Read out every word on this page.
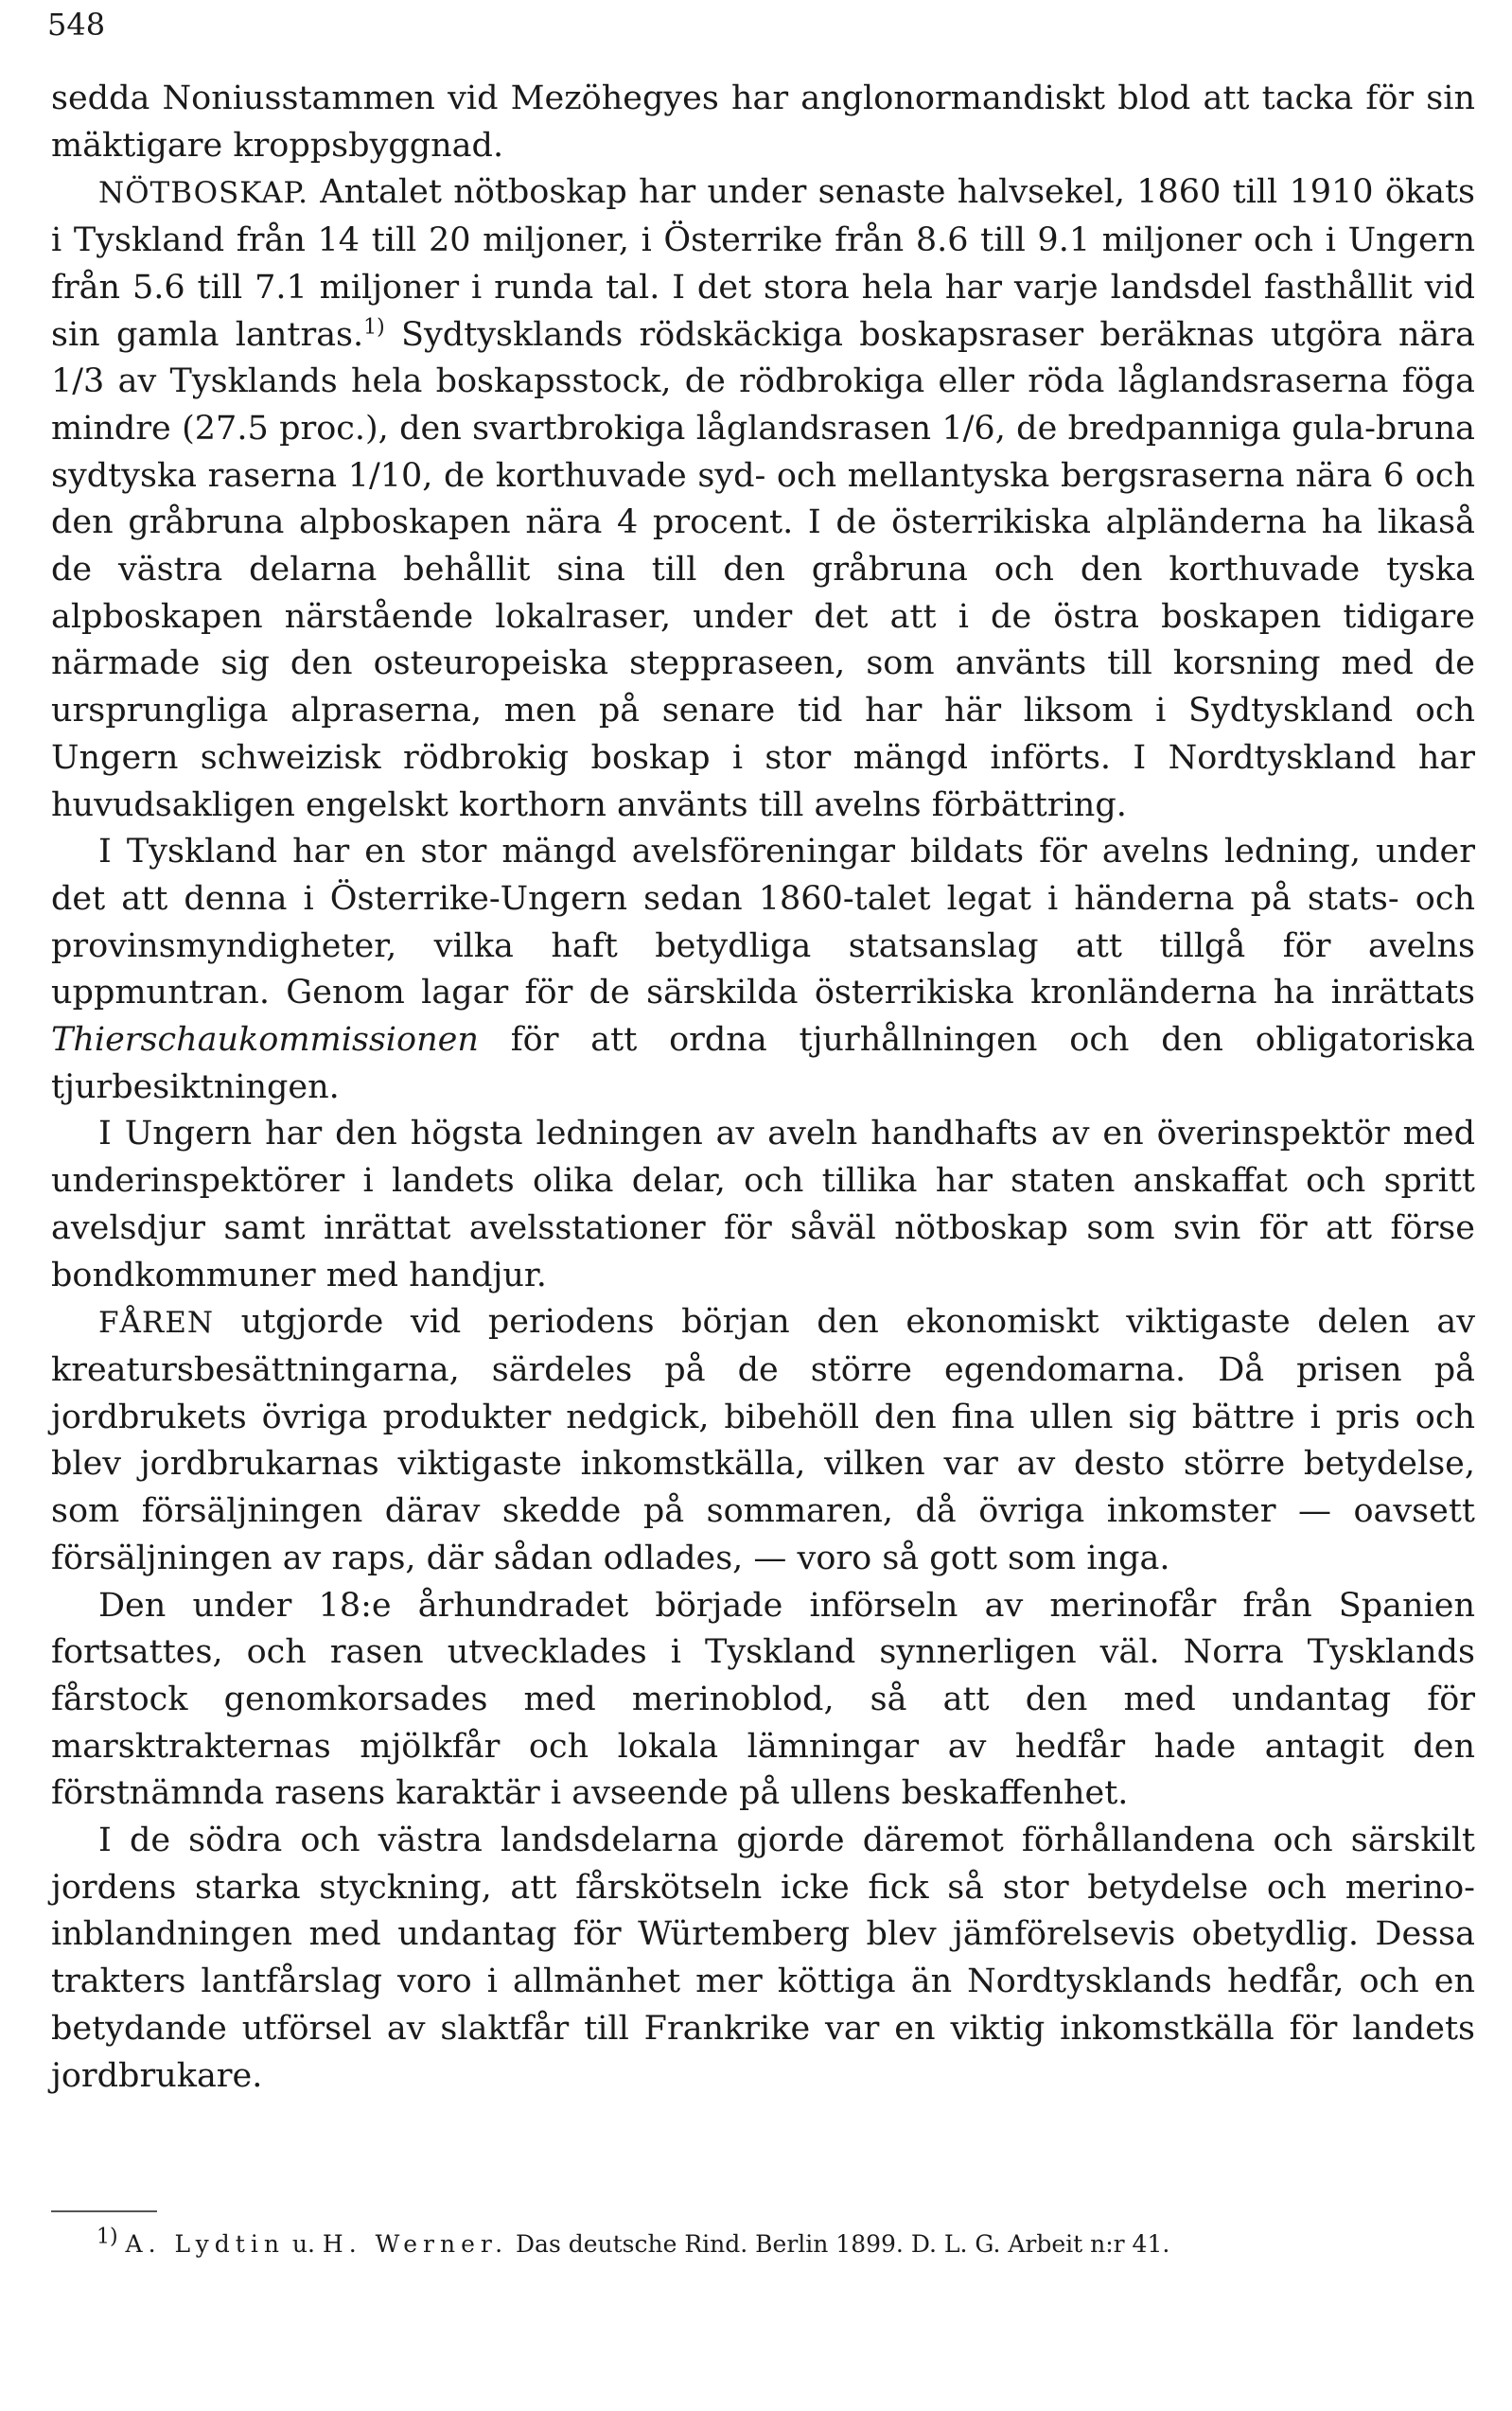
548

sedda Noniusstammen vid Mezöhegyes har anglonormandiskt blod att tacka för sin mäktigare kroppsbyggnad.

NÖTBOSKAP. Antalet nötboskap har under senaste halvsekel, 1860 till 1910 ökats i Tyskland från 14 till 20 miljoner, i Österrike från 8.6 till 9.1 miljoner och i Ungern från 5.6 till 7.1 miljoner i runda tal. I det stora hela har varje landsdel fasthållit vid sin gamla lantras.$^{1)}$ Sydtysklands rödskäckiga boskapsraser beräknas utgöra nära 1/3 av Tysklands hela boskapsstock, de rödbrokiga eller röda låglandsraserna föga mindre (27.5 proc.), den svartbrokiga låglandsrasen 1/6, de bredpanniga gula-bruna sydtyska raserna 1/10, de korthuvade syd- och mellantyska bergsraserna nära 6 och den gråbruna alpboskapen nära 4 procent. I de österrikiska alpländerna ha likaså de västra delarna behållit sina till den gråbruna och den korthuvade tyska alpboskapen närstående lokalraser, under det att i de östra boskapen tidigare närmade sig den osteuropeiska steppraseen, som använts till korsning med de ursprungliga alpraserna, men på senare tid har här liksom i Sydtyskland och Ungern schweizisk rödbrokig boskap i stor mängd införts. I Nordtyskland har huvudsakligen engelskt korthorn använts till avelns förbättring.

I Tyskland har en stor mängd avelsföreningar bildats för avelns ledning, under det att denna i Österrike-Ungern sedan 1860-talet legat i händerna på stats- och provinsmyndigheter, vilka haft betydliga statsanslag att tillgå för avelns uppmuntran. Genom lagar för de särskilda österrikiska kronländerna ha inrättats Thierschaukommissionen för att ordna tjurhållningen och den obligatoriska tjurbesiktningen.

I Ungern har den högsta ledningen av aveln handhafts av en överinspektör med underinspektörer i landets olika delar, och tillika har staten anskaffat och spritt avelsdjur samt inrättat avelsstationer för såväl nötboskap som svin för att förse bondkommuner med handjur.

FÅREN utgjorde vid periodens början den ekonomiskt viktigaste delen av kreatursbesättningarna, särdeles på de större egendomarna. Då prisen på jordbrukets övriga produkter nedgick, bibehöll den fina ullen sig bättre i pris och blev jordbrukarnas viktigaste inkomstkälla, vilken var av desto större betydelse, som försäljningen därav skedde på sommaren, då övriga inkomster — oavsett försäljningen av raps, där sådan odlades, — voro så gott som inga.

Den under 18:e århundradet började införseln av merinofår från Spanien fortsattes, och rasen utvecklades i Tyskland synnerligen väl. Norra Tysklands fårstock genomkorsades med merinoblod, så att den med undantag för marsktrakternas mjölkfår och lokala lämningar av hedfår hade antagit den förstnämnda rasens karaktär i avseende på ullens beskaffenhet.

I de södra och västra landsdelarna gjorde däremot förhållandena och särskilt jordens starka styckning, att fårskötseln icke fick så stor betydelse och merino-inblandningen med undantag för Würtemberg blev jämförelsevis obetydlig. Dessa trakters lantfårslag voro i allmänhet mer köttiga än Nordtysklands hedfår, och en betydande utförsel av slaktfår till Frankrike var en viktig inkomstkälla för landets jordbrukare.

$^{1)}$ A. Lydtin u. H. Werner. Das deutsche Rind. Berlin 1899. D. L. G. Arbeit n:r 41.
